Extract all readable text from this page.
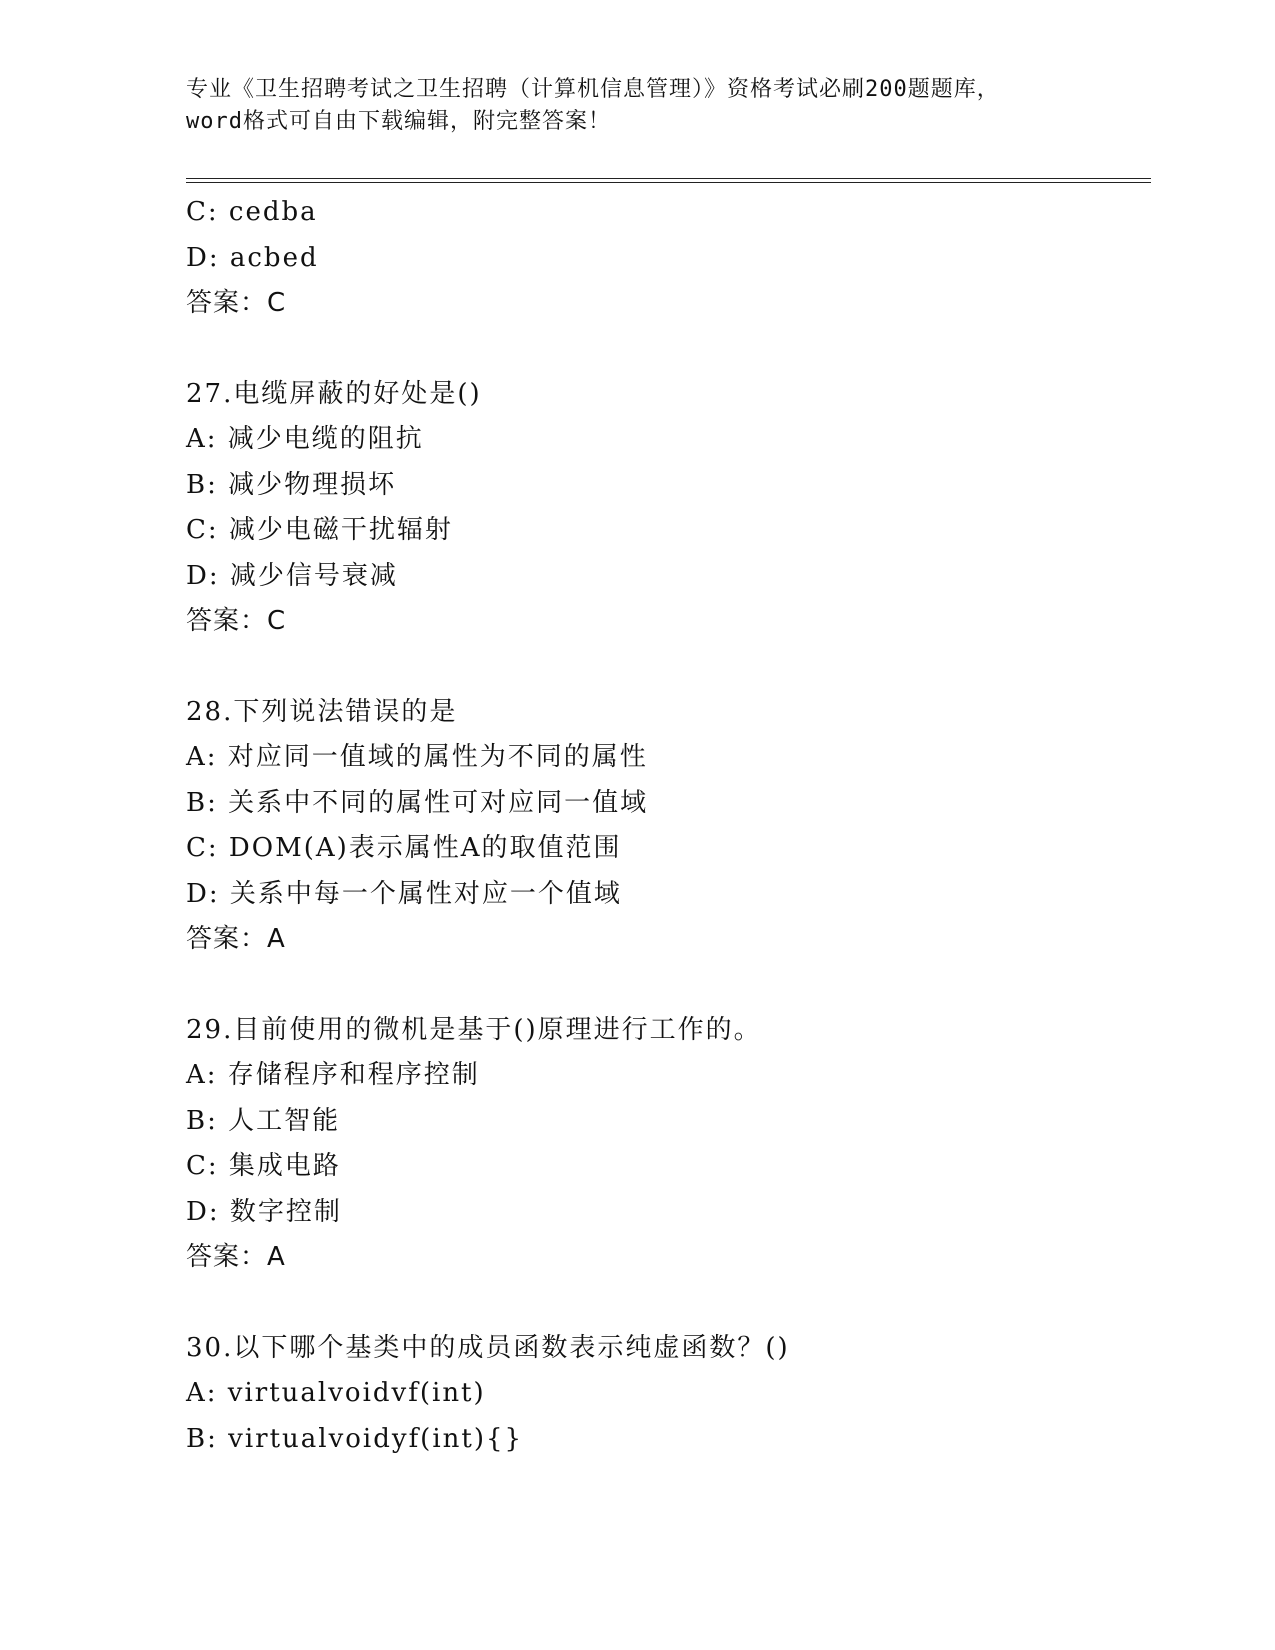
专业《卫生招聘考试之卫生招聘（计算机信息管理）》资格考试必刷200题题库，
word格式可自由下载编辑，附完整答案！
C: cedba
D: acbed
答案：C
27.电缆屏蔽的好处是()
A: 减少电缆的阻抗
B: 减少物理损坏
C: 减少电磁干扰辐射
D: 减少信号衰减
答案：C
28.下列说法错误的是
A: 对应同一值域的属性为不同的属性
B: 关系中不同的属性可对应同一值域
C: DOM(A)表示属性A的取值范围
D: 关系中每一个属性对应一个值域
答案：A
29.目前使用的微机是基于()原理进行工作的。
A: 存储程序和程序控制
B: 人工智能
C: 集成电路
D: 数字控制
答案：A
30.以下哪个基类中的成员函数表示纯虚函数？()
A: virtualvoidvf(int)
B: virtualvoidyf(int){}
